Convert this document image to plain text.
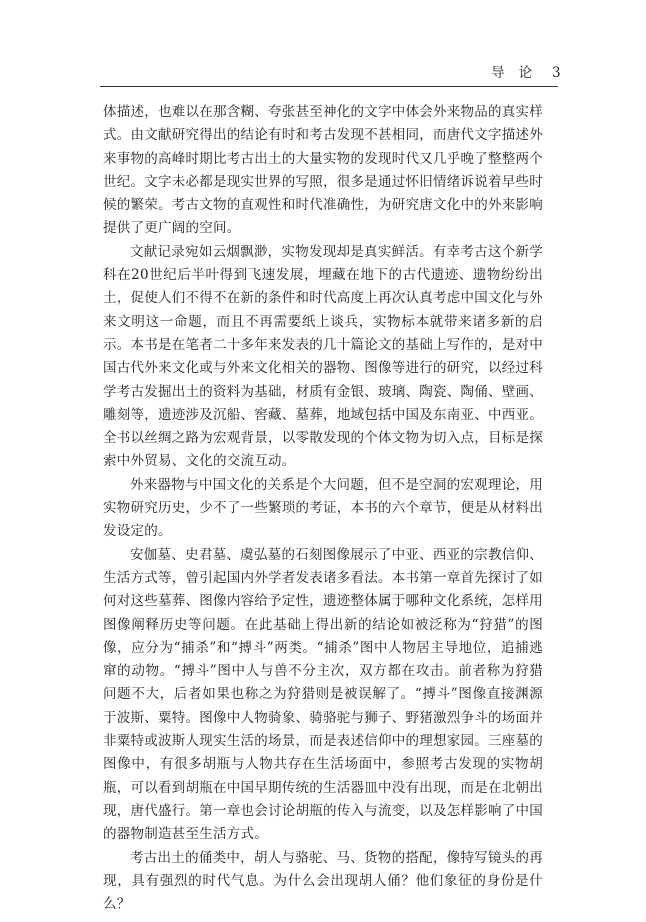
导论 3

体描述，也难以在那含糊、夸张甚至神化的文字中体会外来物品的真实样式。由文献研究得出的结论有时和考古发现不甚相同，而唐代文字描述外来事物的高峰时期比考古出土的大量实物的发现时代又几乎晚了整整两个世纪。文字未必都是现实世界的写照，很多是通过怀旧情绪诉说着早些时候的繁荣。考古文物的直观性和时代准确性，为研究唐文化中的外来影响提供了更广阔的空间。

文献记录宛如云烟飘渺，实物发现却是真实鲜活。有幸考古这个新学科在20世纪后半叶得到飞速发展，埋藏在地下的古代遗迹、遗物纷纷出土，促使人们不得不在新的条件和时代高度上再次认真考虑中国文化与外来文明这一命题，而且不再需要纸上谈兵，实物标本就带来诸多新的启示。本书是在笔者二十多年来发表的几十篇论文的基础上写作的，是对中国古代外来文化或与外来文化相关的器物、图像等进行的研究，以经过科学考古发掘出土的资料为基础，材质有金银、玻璃、陶瓷、陶俑、壁画、雕刻等，遗迹涉及沉船、窖藏、墓葬，地域包括中国及东南亚、中西亚。全书以丝绸之路为宏观背景，以零散发现的个体文物为切入点，目标是探索中外贸易、文化的交流互动。

外来器物与中国文化的关系是个大问题，但不是空洞的宏观理论，用实物研究历史，少不了一些繁琐的考证，本书的六个章节，便是从材料出发设定的。

安伽墓、史君墓、虞弘墓的石刻图像展示了中亚、西亚的宗教信仰、生活方式等，曾引起国内外学者发表诸多看法。本书第一章首先探讨了如何对这些墓葬、图像内容给予定性，遗迹整体属于哪种文化系统，怎样用图像阐释历史等问题。在此基础上得出新的结论如被泛称为“狩猎”的图像，应分为“捕杀”和“搏斗”两类。“捕杀”图中人物居主导地位，追捕逃窜的动物。“搏斗”图中人与兽不分主次，双方都在攻击。前者称为狩猎问题不大，后者如果也称之为狩猎则是被误解了。“搏斗”图像直接渊源于波斯、粟特。图像中人物骑象、骑骆驼与狮子、野猪激烈争斗的场面并非粟特或波斯人现实生活的场景，而是表述信仰中的理想家园。三座墓的图像中，有很多胡瓶与人物共存在生活场面中，参照考古发现的实物胡瓶，可以看到胡瓶在中国早期传统的生活器皿中没有出现，而是在北朝出现，唐代盛行。第一章也会讨论胡瓶的传入与流变，以及怎样影响了中国的器物制造甚至生活方式。

考古出土的俑类中，胡人与骆驼、马、货物的搭配，像特写镜头的再现，具有强烈的时代气息。为什么会出现胡人俑？他们象征的身份是什么？
